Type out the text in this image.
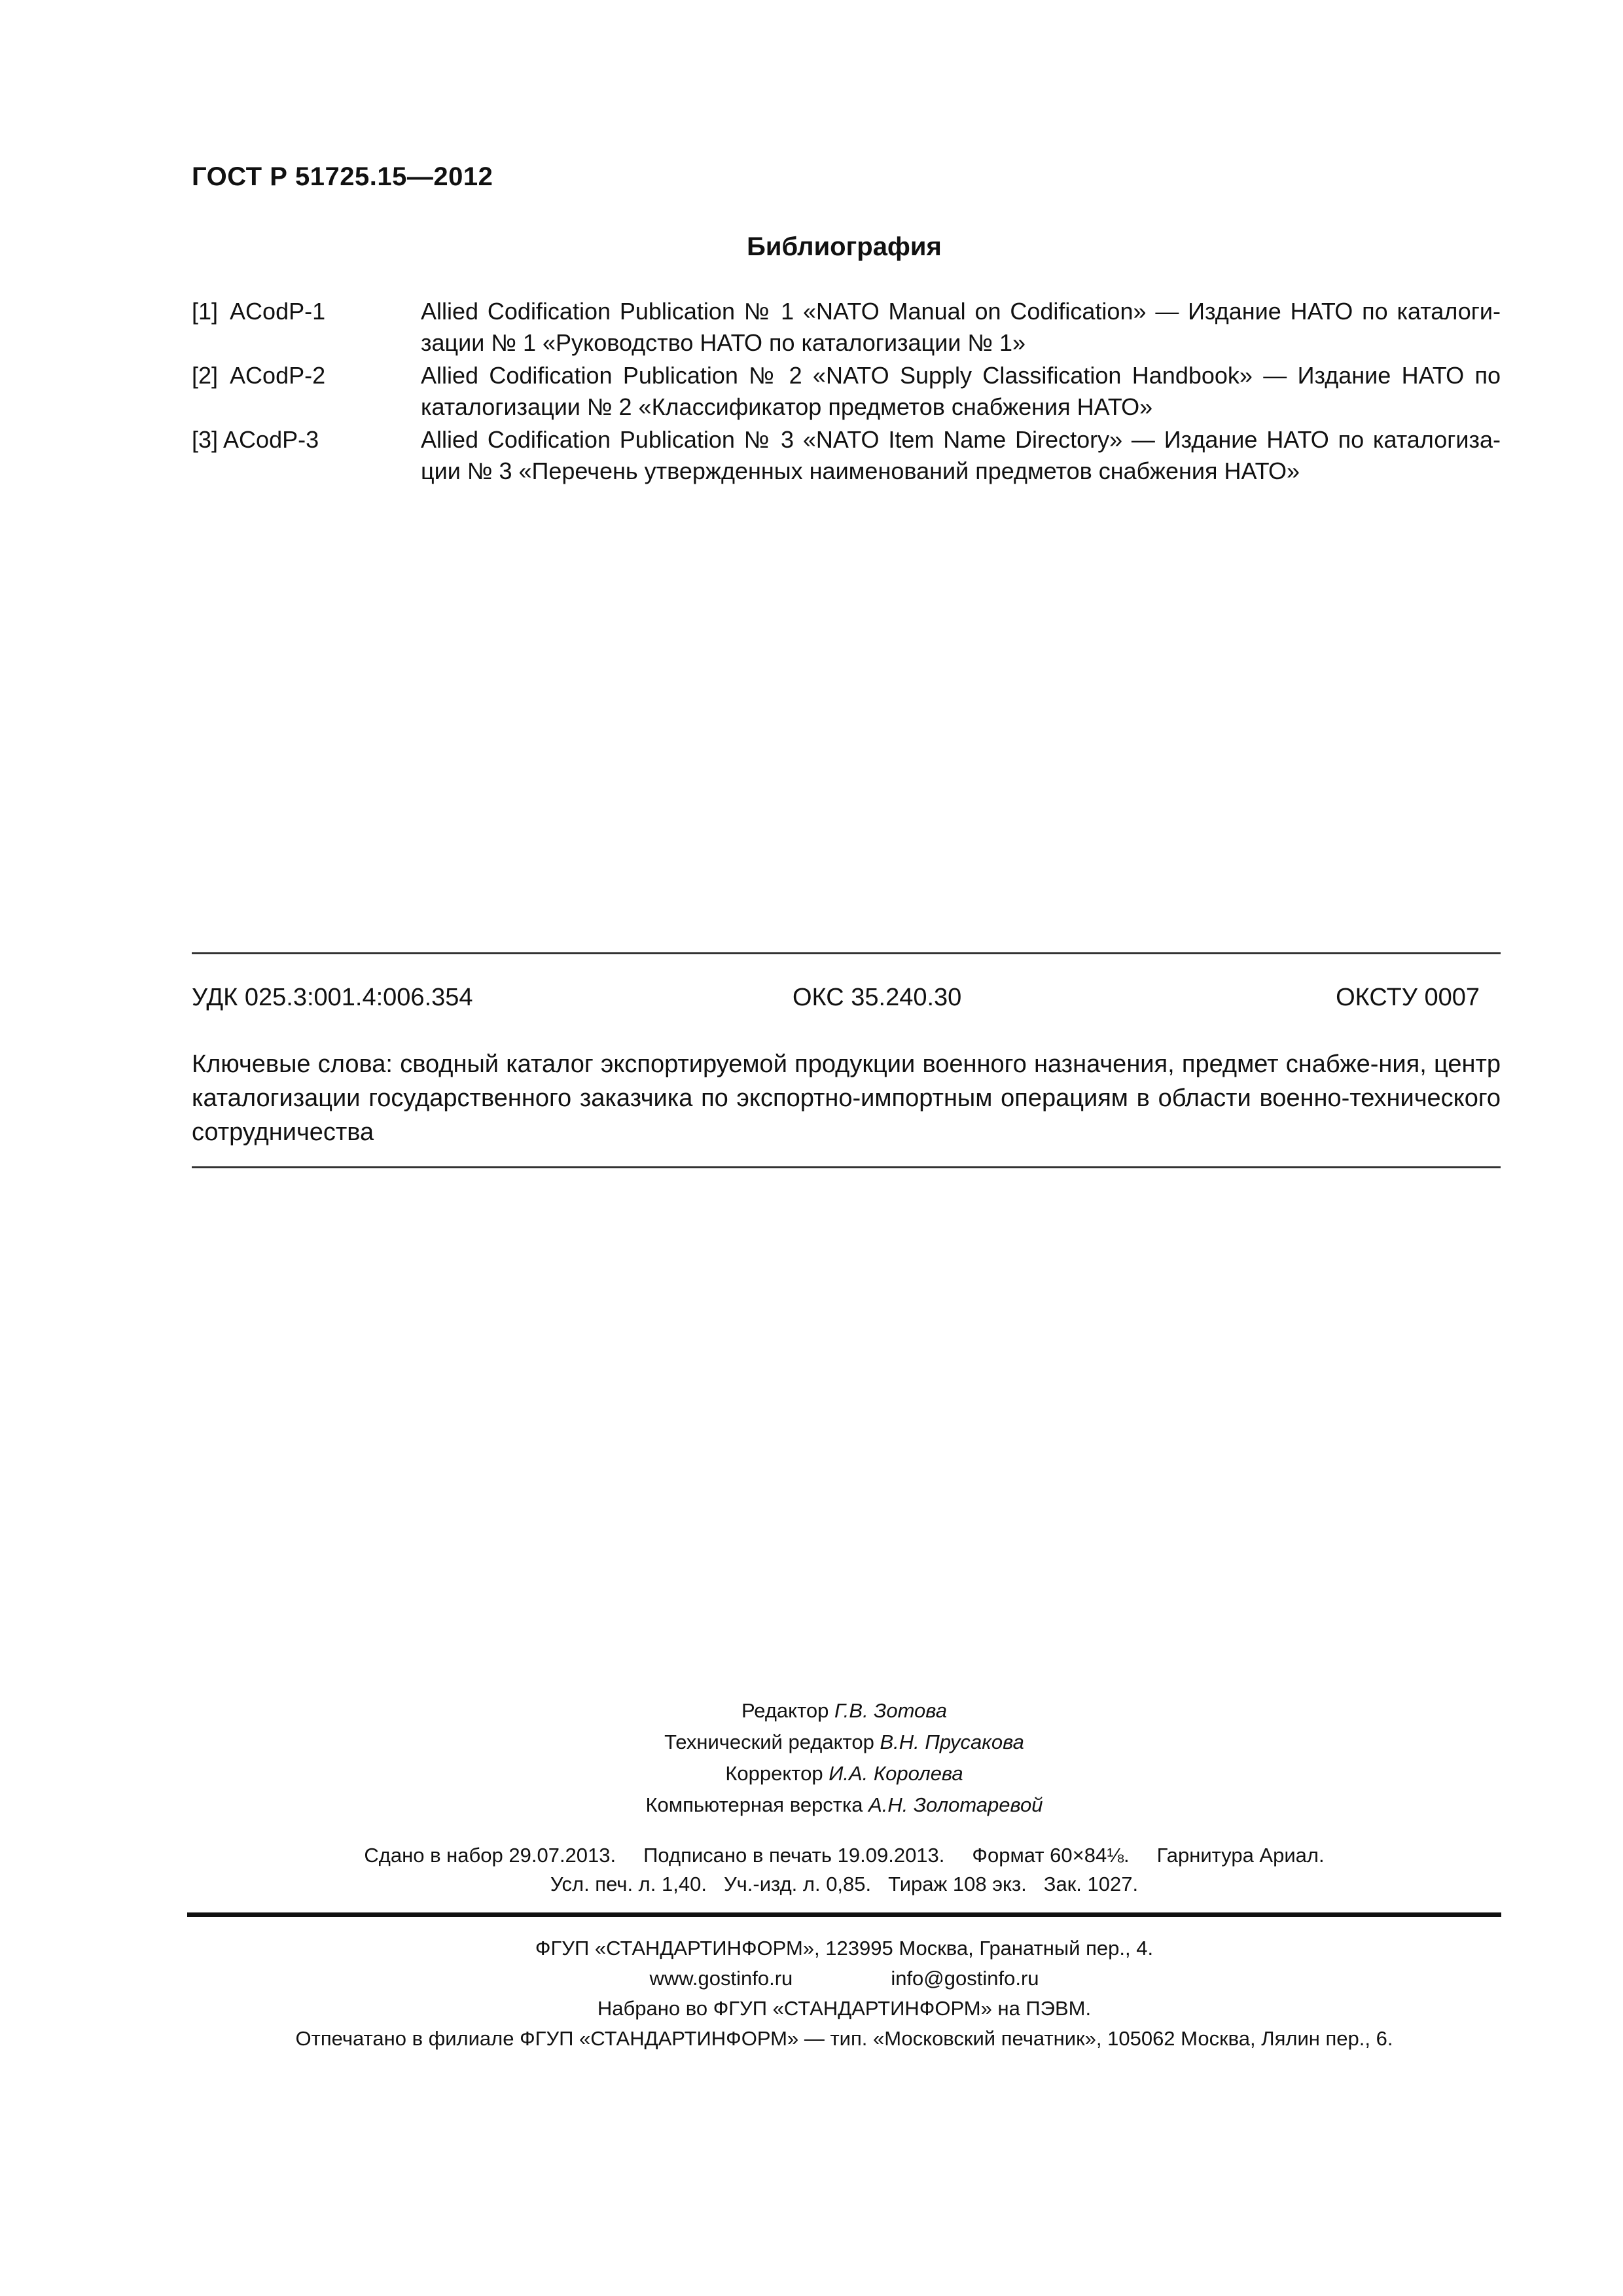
ГОСТ Р 51725.15—2012
Библиография
[1]  ACodP-1	Allied Codification Publication № 1 «NATO Manual on Codification» — Издание НАТО по каталоги-зации № 1 «Руководство НАТО по каталогизации № 1»
[2]  ACodP-2	Allied Codification Publication № 2 «NATO Supply Classification Handbook» — Издание НАТО по каталогизации № 2 «Классификатор предметов снабжения НАТО»
[3] ACodP-3	Allied Codification Publication № 3 «NATO Item Name Directory» — Издание НАТО по каталогиза-ции № 3 «Перечень утвержденных наименований предметов снабжения НАТО»
УДК 025.3:001.4:006.354	ОКС 35.240.30	ОКСТУ 0007
Ключевые слова: сводный каталог экспортируемой продукции военного назначения, предмет снабже-ния, центр каталогизации государственного заказчика по экспортно-импортным операциям в области военно-технического сотрудничества
Редактор Г.В. Зотова
Технический редактор В.Н. Прусакова
Корректор И.А. Королева
Компьютерная верстка А.Н. Золотаревой
Сдано в набор 29.07.2013. Подписано в печать 19.09.2013. Формат 60×84⅛. Гарнитура Ариал.
Усл. печ. л. 1,40. Уч.-изд. л. 0,85. Тираж 108 экз. Зак. 1027.
ФГУП «СТАНДАРТИНФОРМ», 123995 Москва, Гранатный пер., 4.
www.gostinfo.ru	info@gostinfo.ru
Набрано во ФГУП «СТАНДАРТИНФОРМ» на ПЭВМ.
Отпечатано в филиале ФГУП «СТАНДАРТИНФОРМ» — тип. «Московский печатник», 105062 Москва, Лялин пер., 6.
